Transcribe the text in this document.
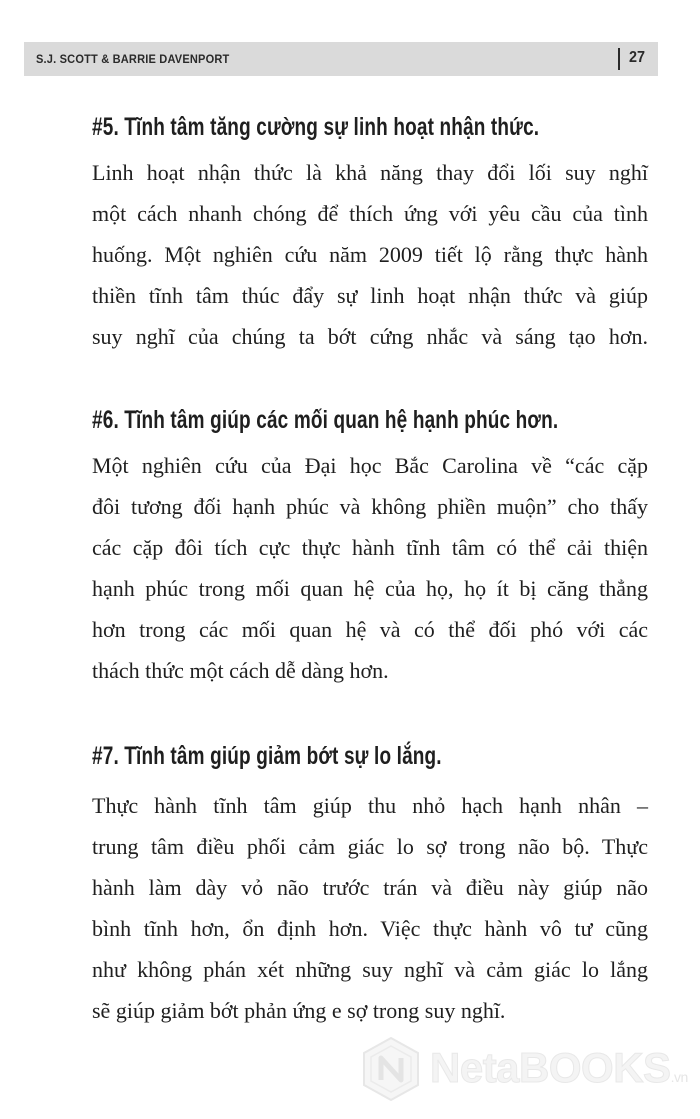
S.J. SCOTT & BARRIE DAVENPORT	27
#5. Tĩnh tâm tăng cường sự linh hoạt nhận thức.
Linh hoạt nhận thức là khả năng thay đổi lối suy nghĩ
một cách nhanh chóng để thích ứng với yêu cầu của tình
huống. Một nghiên cứu năm 2009 tiết lộ rằng thực hành
thiền tĩnh tâm thúc đẩy sự linh hoạt nhận thức và giúp
suy nghĩ của chúng ta bớt cứng nhắc và sáng tạo hơn.
#6. Tĩnh tâm giúp các mối quan hệ hạnh phúc hơn.
Một nghiên cứu của Đại học Bắc Carolina về “các cặp
đôi tương đối hạnh phúc và không phiền muộn” cho thấy
các cặp đôi tích cực thực hành tĩnh tâm có thể cải thiện
hạnh phúc trong mối quan hệ của họ, họ ít bị căng thẳng
hơn trong các mối quan hệ và có thể đối phó với các
thách thức một cách dễ dàng hơn.
#7. Tĩnh tâm giúp giảm bớt sự lo lắng.
Thực hành tĩnh tâm giúp thu nhỏ hạch hạnh nhân –
trung tâm điều phối cảm giác lo sợ trong não bộ. Thực
hành làm dày vỏ não trước trán và điều này giúp não
bình tĩnh hơn, ổn định hơn. Việc thực hành vô tư cũng
như không phán xét những suy nghĩ và cảm giác lo lắng
sẽ giúp giảm bớt phản ứng e sợ trong suy nghĩ.
NetaBOOKS.vn
